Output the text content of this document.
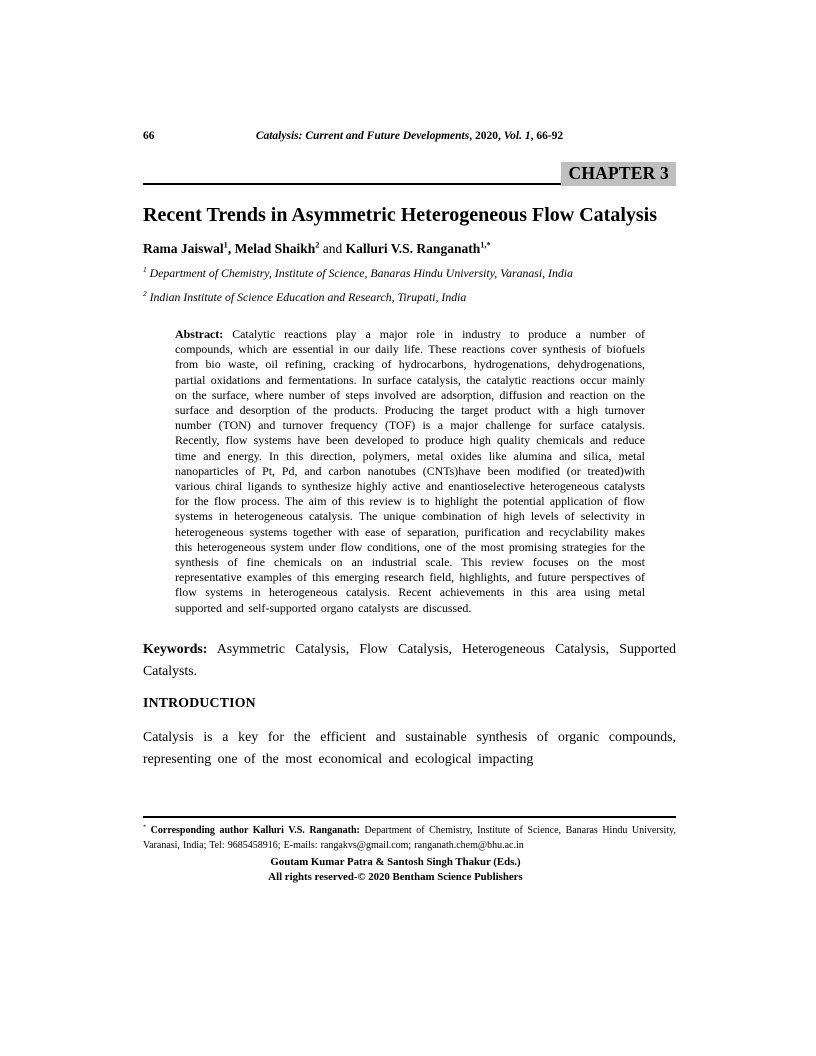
66	Catalysis: Current and Future Developments, 2020, Vol. 1, 66-92
CHAPTER 3
Recent Trends in Asymmetric Heterogeneous Flow Catalysis

Rama Jaiswal$^1$, Melad Shaikh$^2$ and Kalluri V.S. Ranganath$^{1,*}$

$^1$ Department of Chemistry, Institute of Science, Banaras Hindu University, Varanasi, India

$^2$ Indian Institute of Science Education and Research, Tirupati, India

Abstract: Catalytic reactions play a major role in industry to produce a number of compounds, which are essential in our daily life. These reactions cover synthesis of biofuels from bio waste, oil refining, cracking of hydrocarbons, hydrogenations, dehydrogenations, partial oxidations and fermentations. In surface catalysis, the catalytic reactions occur mainly on the surface, where number of steps involved are adsorption, diffusion and reaction on the surface and desorption of the products. Producing the target product with a high turnover number (TON) and turnover frequency (TOF) is a major challenge for surface catalysis. Recently, flow systems have been developed to produce high quality chemicals and reduce time and energy. In this direction, polymers, metal oxides like alumina and silica, metal nanoparticles of Pt, Pd, and carbon nanotubes (CNTs)have been modified (or treated)with various chiral ligands to synthesize highly active and enantioselective heterogeneous catalysts for the flow process. The aim of this review is to highlight the potential application of flow systems in heterogeneous catalysis. The unique combination of high levels of selectivity in heterogeneous systems together with ease of separation, purification and recyclability makes this heterogeneous system under flow conditions, one of the most promising strategies for the synthesis of fine chemicals on an industrial scale. This review focuses on the most representative examples of this emerging research field, highlights, and future perspectives of flow systems in heterogeneous catalysis. Recent achievements in this area using metal supported and self-supported organo catalysts are discussed.

Keywords: Asymmetric Catalysis, Flow Catalysis, Heterogeneous Catalysis, Supported Catalysts.

INTRODUCTION

Catalysis is a key for the efficient and sustainable synthesis of organic compounds, representing one of the most economical and ecological impacting

* Corresponding author Kalluri V.S. Ranganath: Department of Chemistry, Institute of Science, Banaras Hindu University, Varanasi, India; Tel: 9685458916; E-mails: rangakvs@gmail.com; ranganath.chem@bhu.ac.in
Goutam Kumar Patra & Santosh Singh Thakur (Eds.)
All rights reserved-© 2020 Bentham Science Publishers
